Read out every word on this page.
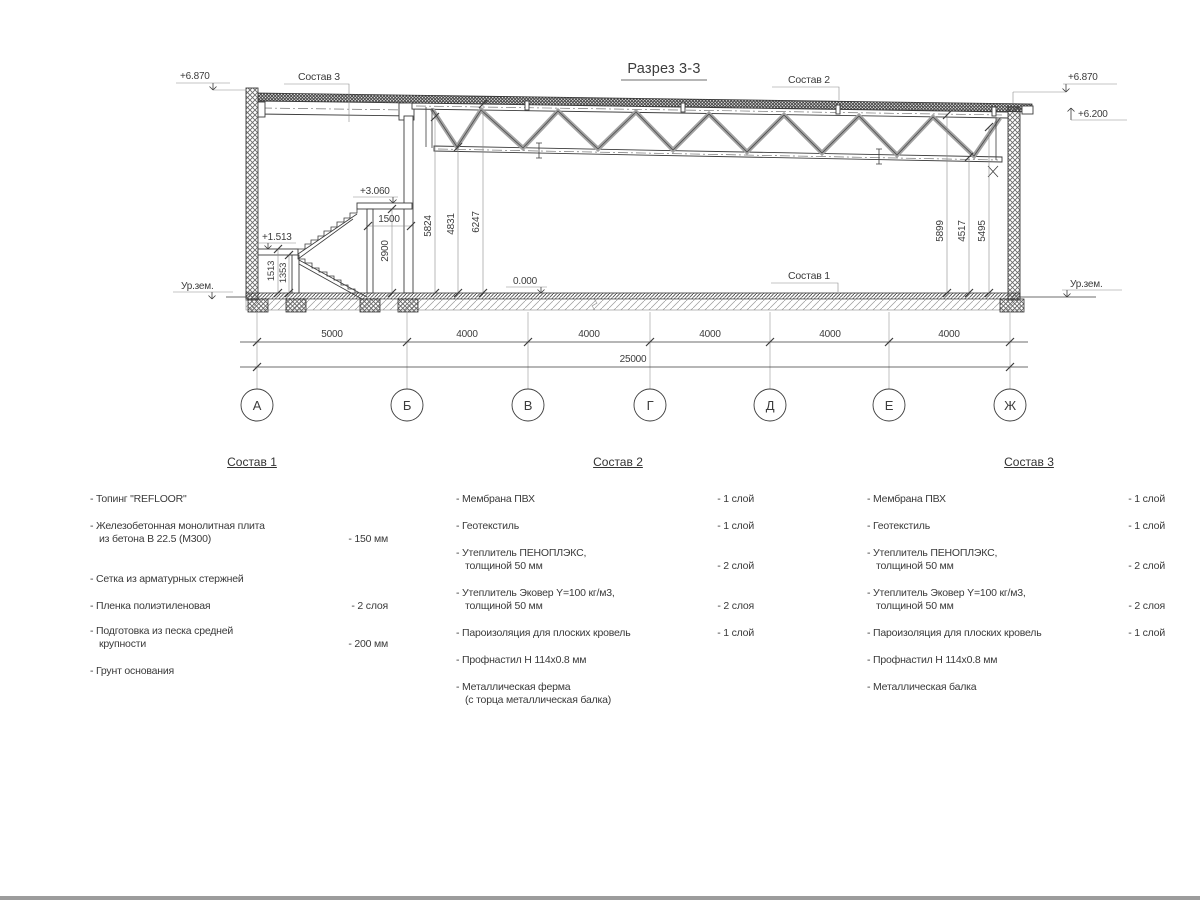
Разрез 3-3
Состав 3	Состав 2
Состав 1
+6.870
Ур.зем.
+3.060
+1.513
0.000
+6.870
+6.200
Ур.зем.
5824 4831 6247	5899 4517 5495
2900
1513 1353
1500
5000	4000	4000	4000	4000	4000
25000
А	Б	В	Г	Д	Е	Ж
Состав 1
- Топинг "REFLOOR"
- Железобетонная монолитная плита
из бетона В 22.5 (М300)	- 150 мм
- Сетка из арматурных стержней
- Пленка полиэтиленовая	- 2 слоя
- Подготовка из песка средней
крупности	- 200 мм
- Грунт основания
Состав 2
- Мембрана ПВХ	- 1 слой
- Геотекстиль	- 1 слой
- Утеплитель ПЕНОПЛЭКС,
толщиной 50 мм	- 2 слой
- Утеплитель Эковер Y=100 кг/м3,
толщиной 50 мм	- 2 слоя
- Пароизоляция для плоских кровель	- 1 слой
- Профнастил Н 114х0.8 мм
- Металлическая ферма
(с торца металлическая балка)
Состав 3
- Мембрана ПВХ	- 1 слой
- Геотекстиль	- 1 слой
- Утеплитель ПЕНОПЛЭКС,
толщиной 50 мм	- 2 слой
- Утеплитель Эковер Y=100 кг/м3,
толщиной 50 мм	- 2 слоя
- Пароизоляция для плоских кровель	- 1 слой
- Профнастил Н 114х0.8 мм
- Металлическая балка
